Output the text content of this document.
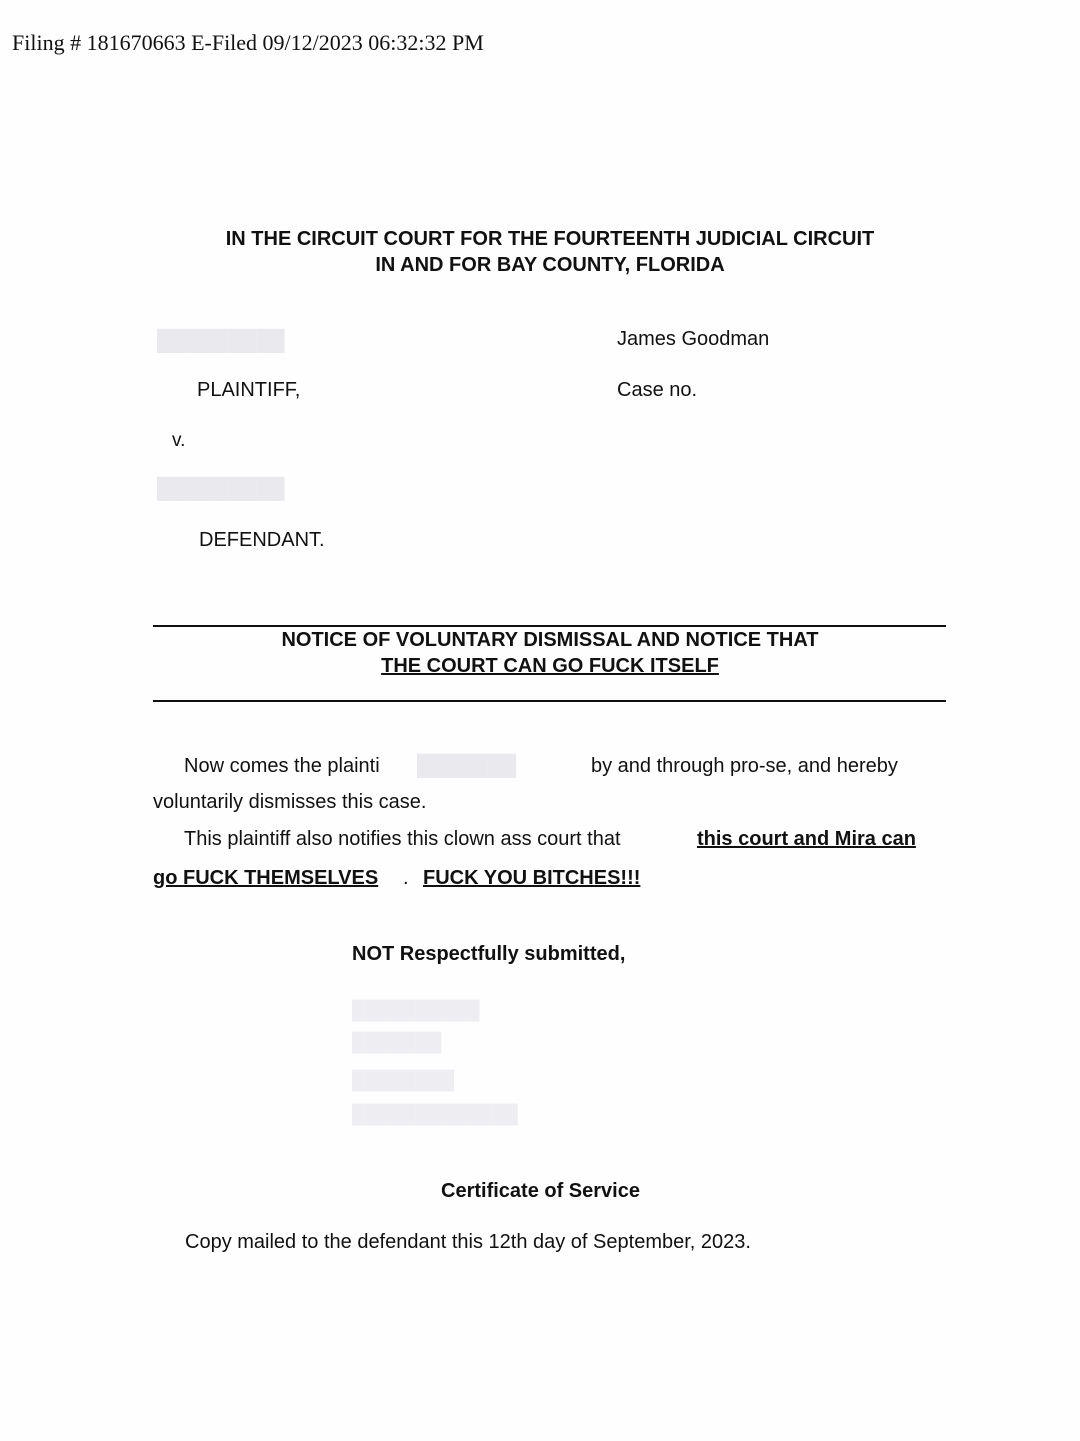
Filing # 181670663 E-Filed 09/12/2023 06:32:32 PM
IN THE CIRCUIT COURT FOR THE FOURTEENTH JUDICIAL CIRCUIT
IN AND FOR BAY COUNTY, FLORIDA
█████████
█████████
James Goodman
PLAINTIFF,	Case no.
v.
DEFENDANT.
NOTICE OF VOLUNTARY DISMISSAL AND NOTICE THAT
THE COURT CAN GO FUCK ITSELF
Now comes the plainti ███████	by and through pro-se, and hereby
voluntarily dismisses this case.
This plaintiff also notifies this clown ass court that	this court and Mira can
go FUCK THEMSELVES . FUCK YOU BITCHES!!!
NOT Respectfully submitted,
██████████
███████
████████
█████████████
Certificate of Service
Copy mailed to the defendant this 12th day of September, 2023.
